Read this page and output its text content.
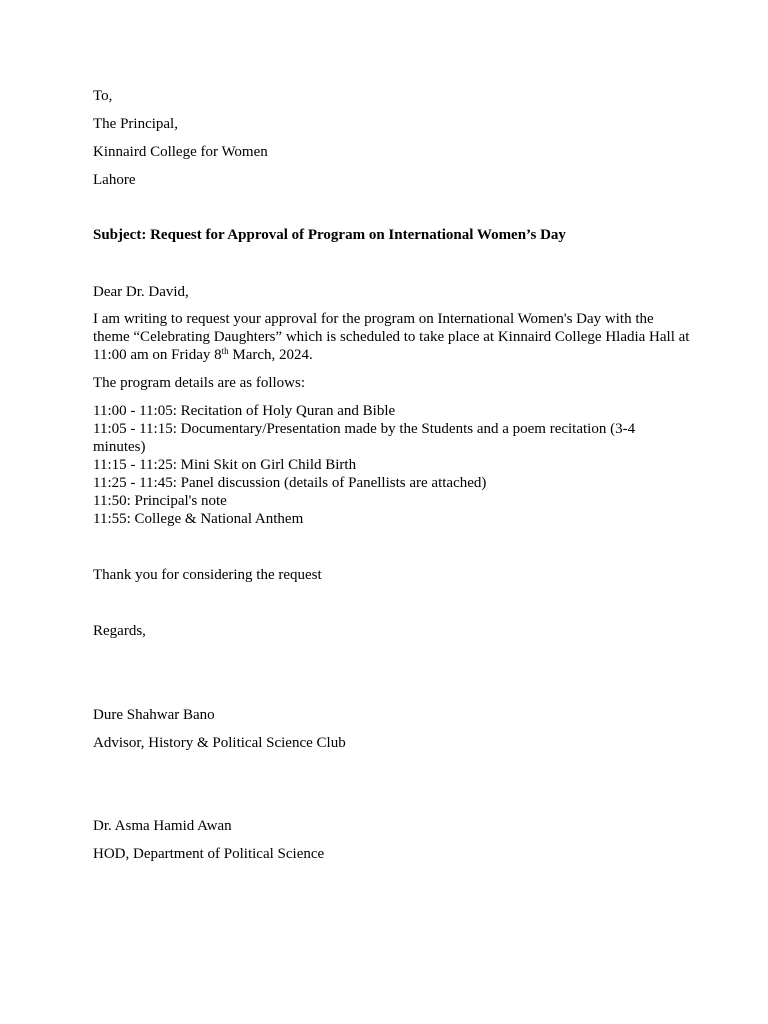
To,
The Principal,
Kinnaird College for Women
Lahore
Subject: Request for Approval of Program on International Women’s Day
Dear Dr. David,
I am writing to request your approval for the program on International Women's Day with the theme “Celebrating Daughters” which is scheduled to take place at Kinnaird College Hladia Hall at 11:00 am on Friday 8th March, 2024.
The program details are as follows:
11:00 - 11:05: Recitation of Holy Quran and Bible
11:05 - 11:15: Documentary/Presentation made by the Students and a poem recitation (3-4 minutes)
11:15 - 11:25: Mini Skit on Girl Child Birth
11:25 - 11:45: Panel discussion (details of Panellists are attached)
11:50: Principal's note
11:55: College & National Anthem
Thank you for considering the request
Regards,
Dure Shahwar Bano
Advisor, History & Political Science Club
Dr. Asma Hamid Awan
HOD, Department of Political Science
